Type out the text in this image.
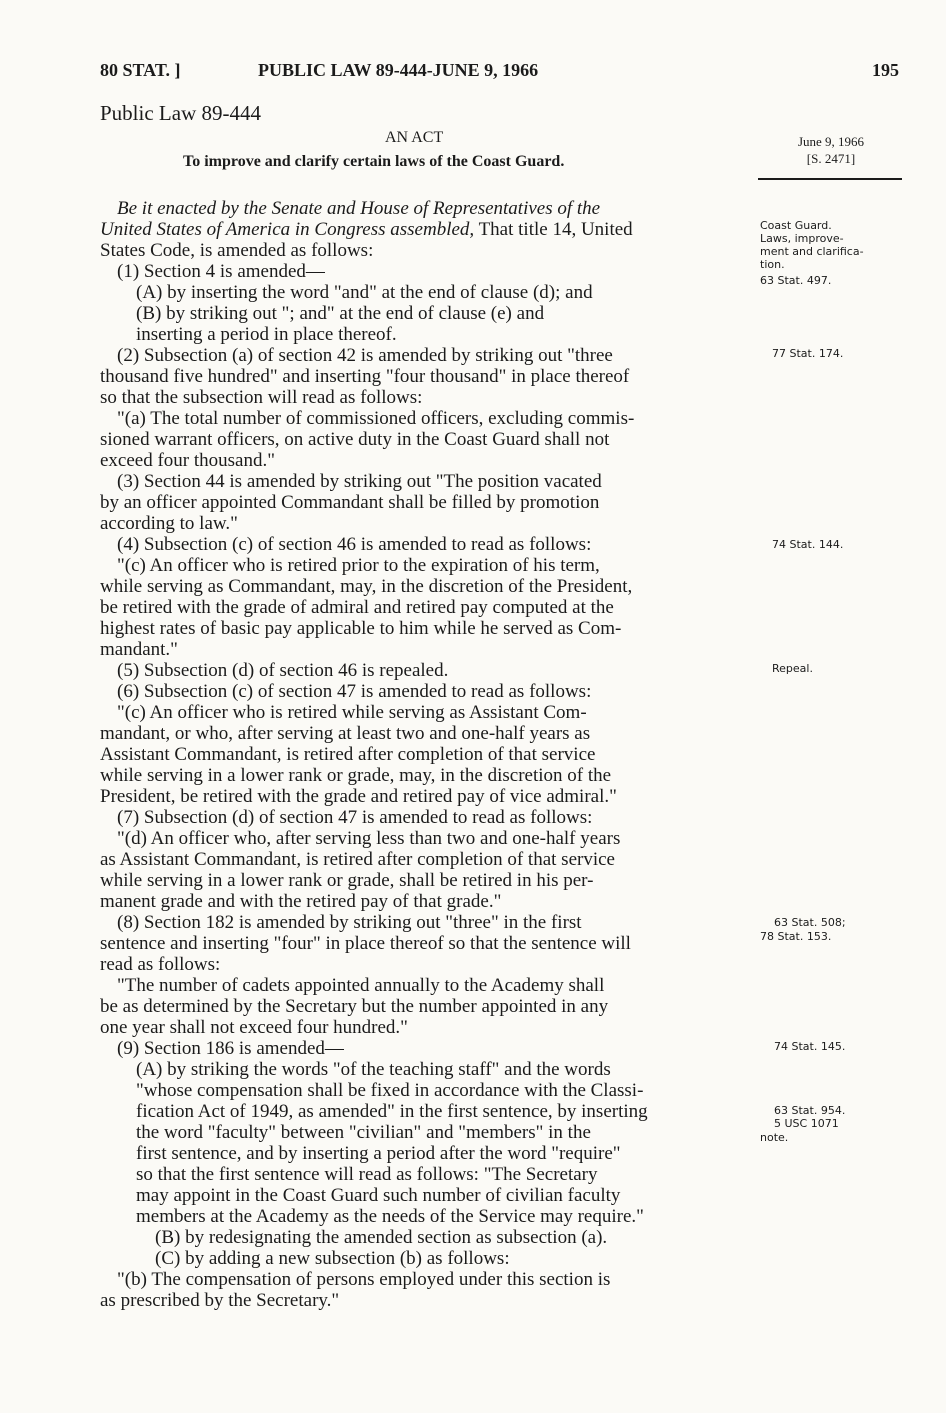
80 STAT. ]	PUBLIC LAW 89-444-JUNE 9, 1966	195
Public Law 89-444
AN ACT
To improve and clarify certain laws of the Coast Guard.
June 9, 1966
[S. 2471]
Coast Guard.
Laws, improve-
ment and clarifica-
tion.
63 Stat. 497.
77 Stat. 174.
74 Stat. 144.
Repeal.
63 Stat. 508;
78 Stat. 153.
74 Stat. 145.
63 Stat. 954.
5 USC 1071
note.
Be it enacted by the Senate and House of Representatives of the
United States of America in Congress assembled, That title 14, United
States Code, is amended as follows:
(1) Section 4 is amended—
(A) by inserting the word "and" at the end of clause (d); and
(B) by striking out "; and" at the end of clause (e) and
inserting a period in place thereof.
(2) Subsection (a) of section 42 is amended by striking out "three
thousand five hundred" and inserting "four thousand" in place thereof
so that the subsection will read as follows:
"(a) The total number of commissioned officers, excluding commis-
sioned warrant officers, on active duty in the Coast Guard shall not
exceed four thousand."
(3) Section 44 is amended by striking out "The position vacated
by an officer appointed Commandant shall be filled by promotion
according to law."
(4) Subsection (c) of section 46 is amended to read as follows:
"(c) An officer who is retired prior to the expiration of his term,
while serving as Commandant, may, in the discretion of the President,
be retired with the grade of admiral and retired pay computed at the
highest rates of basic pay applicable to him while he served as Com-
mandant."
(5) Subsection (d) of section 46 is repealed.
(6) Subsection (c) of section 47 is amended to read as follows:
"(c) An officer who is retired while serving as Assistant Com-
mandant, or who, after serving at least two and one-half years as
Assistant Commandant, is retired after completion of that service
while serving in a lower rank or grade, may, in the discretion of the
President, be retired with the grade and retired pay of vice admiral."
(7) Subsection (d) of section 47 is amended to read as follows:
"(d) An officer who, after serving less than two and one-half years
as Assistant Commandant, is retired after completion of that service
while serving in a lower rank or grade, shall be retired in his per-
manent grade and with the retired pay of that grade."
(8) Section 182 is amended by striking out "three" in the first
sentence and inserting "four" in place thereof so that the sentence will
read as follows:
"The number of cadets appointed annually to the Academy shall
be as determined by the Secretary but the number appointed in any
one year shall not exceed four hundred."
(9) Section 186 is amended—
(A) by striking the words "of the teaching staff" and the words
"whose compensation shall be fixed in accordance with the Classi-
fication Act of 1949, as amended" in the first sentence, by inserting
the word "faculty" between "civilian" and "members" in the
first sentence, and by inserting a period after the word "require"
so that the first sentence will read as follows: "The Secretary
may appoint in the Coast Guard such number of civilian faculty
members at the Academy as the needs of the Service may require."
(B) by redesignating the amended section as subsection (a).
(C) by adding a new subsection (b) as follows:
"(b) The compensation of persons employed under this section is
as prescribed by the Secretary."
